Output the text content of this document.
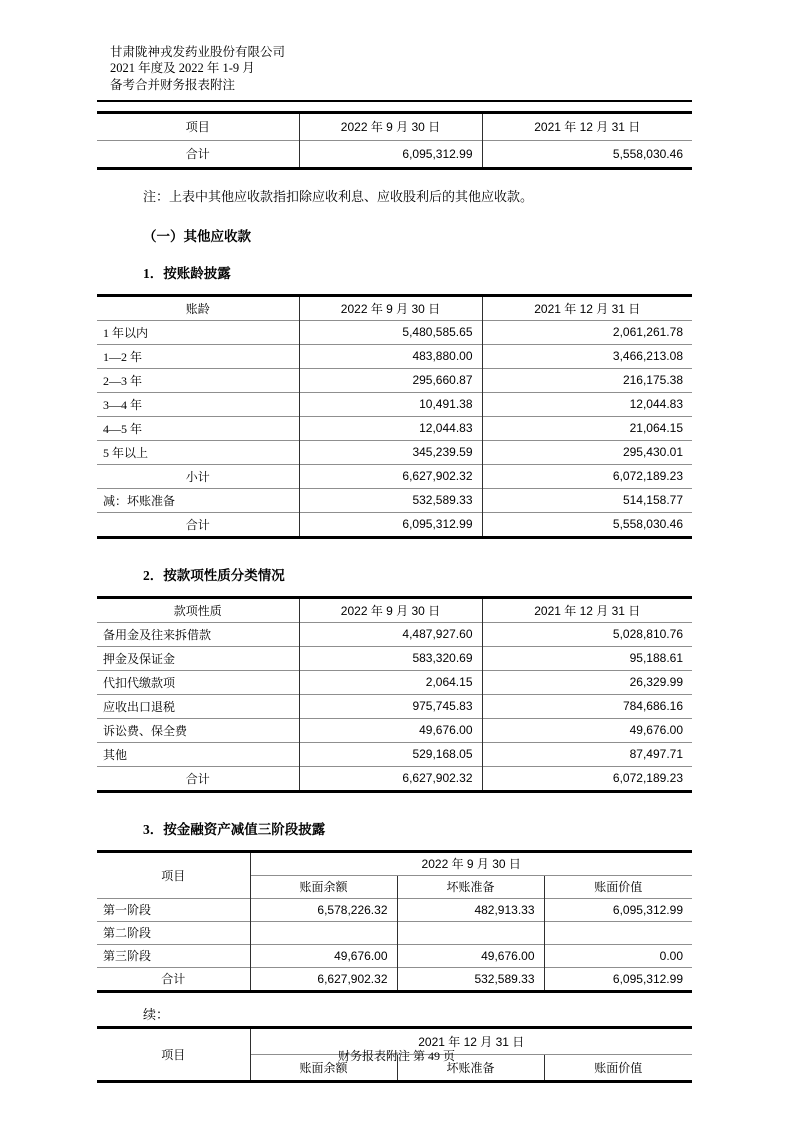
甘肃陇神戎发药业股份有限公司
2021 年度及 2022 年 1-9 月
备考合并财务报表附注
项目	2022 年 9 月 30 日	2021 年 12 月 31 日
合计	6,095,312.99	5,558,030.46

注：上表中其他应收款指扣除应收利息、应收股利后的其他应收款。

（一）其他应收款
1．按账龄披露
账龄	2022 年 9 月 30 日	2021 年 12 月 31 日
1 年以内	5,480,585.65	2,061,261.78
1—2 年	483,880.00	3,466,213.08
2—3 年	295,660.87	216,175.38
3—4 年	10,491.38	12,044.83
4—5 年	12,044.83	21,064.15
5 年以上	345,239.59	295,430.01
小计	6,627,902.32	6,072,189.23
减：坏账准备	532,589.33	514,158.77
合计	6,095,312.99	5,558,030.46
2．按款项性质分类情况
款项性质	2022 年 9 月 30 日	2021 年 12 月 31 日
备用金及往来拆借款	4,487,927.60	5,028,810.76
押金及保证金	583,320.69	95,188.61
代扣代缴款项	2,064.15	26,329.99
应收出口退税	975,745.83	784,686.16
诉讼费、保全费	49,676.00	49,676.00
其他	529,168.05	87,497.71
合计	6,627,902.32	6,072,189.23
3．按金融资产减值三阶段披露
项目	2022 年 9 月 30 日		
	账面余额	坏账准备	账面价值
第一阶段	6,578,226.32	482,913.33	6,095,312.99
第二阶段			
第三阶段	49,676.00	49,676.00	0.00
合计	6,627,902.32	532,589.33	6,095,312.99

续：

项目	2021 年 12 月 31 日		
	账面余额	坏账准备	账面价值
财务报表附注 第 49 页
